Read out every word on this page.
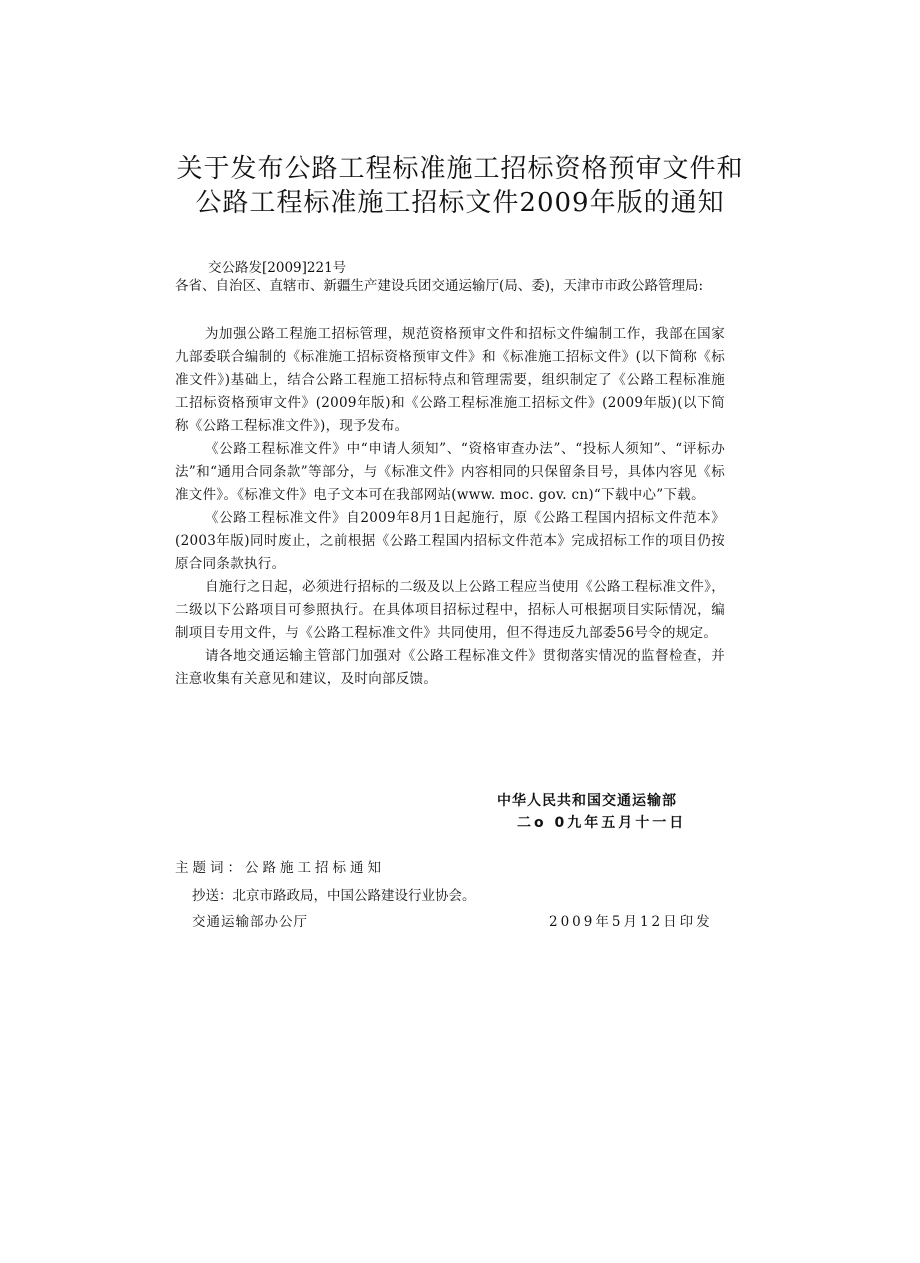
关于发布公路工程标准施工招标资格预审文件和
公路工程标准施工招标文件2009年版的通知
交公路发[2009]221号
各省、自治区、直辖市、新疆生产建设兵团交通运输厅(局、委)，天津市市政公路管理局:

为加强公路工程施工招标管理，规范资格预审文件和招标文件编制工作，我部在国家九部委联合编制的《标准施工招标资格预审文件》和《标准施工招标文件》(以下简称《标准文件》)基础上，结合公路工程施工招标特点和管理需要，组织制定了《公路工程标准施工招标资格预审文件》(2009年版)和《公路工程标准施工招标文件》(2009年版)(以下简称《公路工程标准文件》)，现予发布。

《公路工程标准文件》中“申请人须知”、“资格审查办法”、“投标人须知”、“评标办法”和“通用合同条款”等部分，与《标准文件》内容相同的只保留条目号，具体内容见《标准文件》。《标准文件》电子文本可在我部网站(www. moc. gov. cn)“下载中心”下载。

《公路工程标准文件》自2009年8月1日起施行，原《公路工程国内招标文件范本》(2003年版)同时废止，之前根据《公路工程国内招标文件范本》完成招标工作的项目仍按原合同条款执行。

自施行之日起，必须进行招标的二级及以上公路工程应当使用《公路工程标准文件》，二级以下公路项目可参照执行。在具体项目招标过程中，招标人可根据项目实际情况，编制项目专用文件，与《公路工程标准文件》共同使用，但不得违反九部委56号令的规定。

请各地交通运输主管部门加强对《公路工程标准文件》贯彻落实情况的监督检查，并注意收集有关意见和建议，及时向部反馈。

中华人民共和国交通运输部
二o 0九年五月十一日
主题词：公路施工招标通知
抄送：北京市路政局，中国公路建设行业协会。
交通运输部办公厅	2009年5月12日印发
